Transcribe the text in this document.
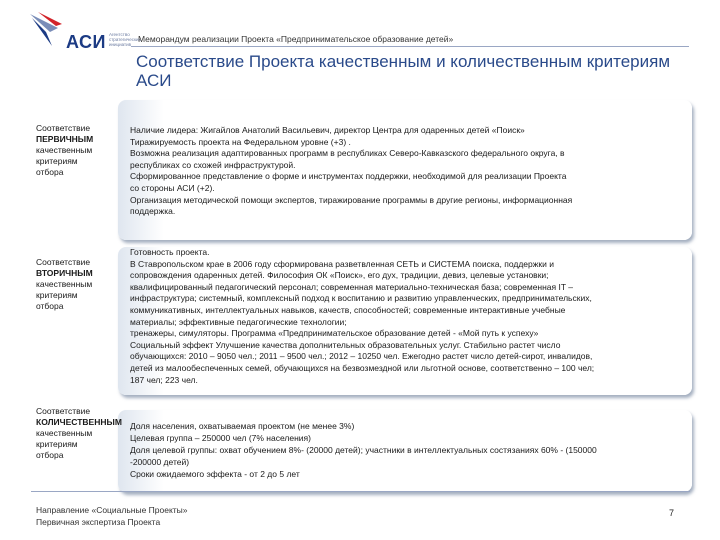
АСИ Агентство стратегических инициатив
Меморандум реализации Проекта «Предпринимательское образование детей»
Соответствие Проекта качественным и количественным критериям АСИ
Соответствие
ПЕРВИЧНЫМ
качественным
критериям
отбора
Наличие лидера: Жигайлов Анатолий Васильевич, директор Центра для одаренных детей «Поиск»
Тиражируемость проекта на Федеральном уровне (+3) .
Возможна реализация адаптированных программ в республиках Северо-Кавказского федерального округа, в
республиках со схожей инфраструктурой.
Сформированное представление о форме и инструментах поддержки, необходимой для реализации Проекта
со стороны АСИ (+2).
Организация методической помощи экспертов, тиражирование программы в другие регионы, информационная
поддержка.
Соответствие
ВТОРИЧНЫМ
качественным
критериям
отбора
Готовность проекта.
В Ставропольском крае в 2006 году сформирована разветвленная СЕТЬ и СИСТЕМА поиска, поддержки и
сопровождения одаренных детей. Философия ОК «Поиск», его дух, традиции, девиз, целевые установки;
квалифицированный педагогический персонал; современная материально-техническая база; современная IT –
инфраструктура; системный, комплексный подход к воспитанию и развитию управленческих, предпринимательских,
коммуникативных, интеллектуальных навыков, качеств, способностей; современные интерактивные учебные
материалы; эффективные педагогические технологии;
тренажеры, симуляторы. Программа «Предпринимательское образование детей - «Мой путь к успеху»
Социальный эффект Улучшение качества дополнительных образовательных услуг. Стабильно растет число
обучающихся: 2010 – 9050 чел.; 2011 – 9500 чел.; 2012 – 10250 чел. Ежегодно растет число детей-сирот, инвалидов,
детей из малообеспеченных семей, обучающихся на безвозмездной или льготной основе, соответственно – 100 чел;
187 чел; 223 чел.
Соответствие
КОЛИЧЕСТВЕННЫМ
качественным
критериям
отбора
Доля населения, охватываемая проектом (не менее 3%)
Целевая группа – 250000 чел (7% населения)
Доля целевой группы: охват обучением 8%- (20000 детей); участники в интеллектуальных состязаниях 60% - (150000
-200000 детей)
Сроки ожидаемого эффекта - от 2 до 5 лет
Направление «Социальные Проекты»
Первичная экспертиза Проекта
7
